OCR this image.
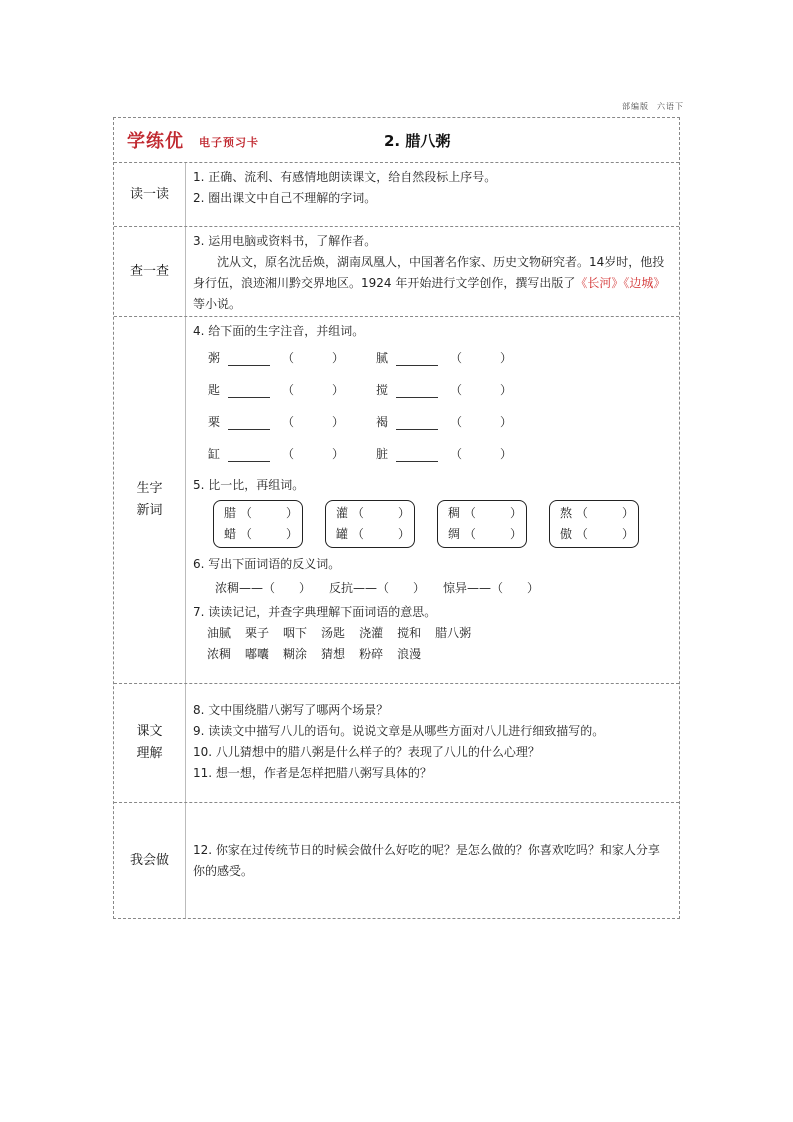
部编版 六语下
学练优 电子预习卡	2. 腊八粥
读一读
1. 正确、流利、有感情地朗读课文，给自然段标上序号。
2. 圈出课文中自己不理解的字词。
查一查
3. 运用电脑或资料书，了解作者。
沈从文，原名沈岳焕，湖南凤凰人，中国著名作家、历史文物研究者。14岁时，他投身行伍，浪迹湘川黔交界地区。1924 年开始进行文学创作，撰写出版了《长河》《边城》等小说。
生字
新词
4. 给下面的生字注音，并组词。
粥	（	）	腻	（	）
匙	（	）	搅	（	）
栗	（	）	褐	（	）
缸	（	）	脏	（	）
5. 比一比，再组词。
腊 （	）
蜡 （	）
灌 （	）
罐 （	）
稠 （	）
绸 （	）
熬 （	）
傲 （	）
6. 写出下面词语的反义词。
浓稠——（　　） 反抗——（　　） 惊异——（　　）
7. 读读记记，并查字典理解下面词语的意思。
油腻 栗子 咽下 汤匙 浇灌 搅和 腊八粥
浓稠 嘟囔 糊涂 猜想 粉碎 浪漫
课文
理解
8. 文中围绕腊八粥写了哪两个场景？
9. 读读文中描写八儿的语句。说说文章是从哪些方面对八儿进行细致描写的。
10. 八儿猜想中的腊八粥是什么样子的？表现了八儿的什么心理？
11. 想一想，作者是怎样把腊八粥写具体的？
我会做
12. 你家在过传统节日的时候会做什么好吃的呢？是怎么做的？你喜欢吃吗？和家人分享你的感受。
